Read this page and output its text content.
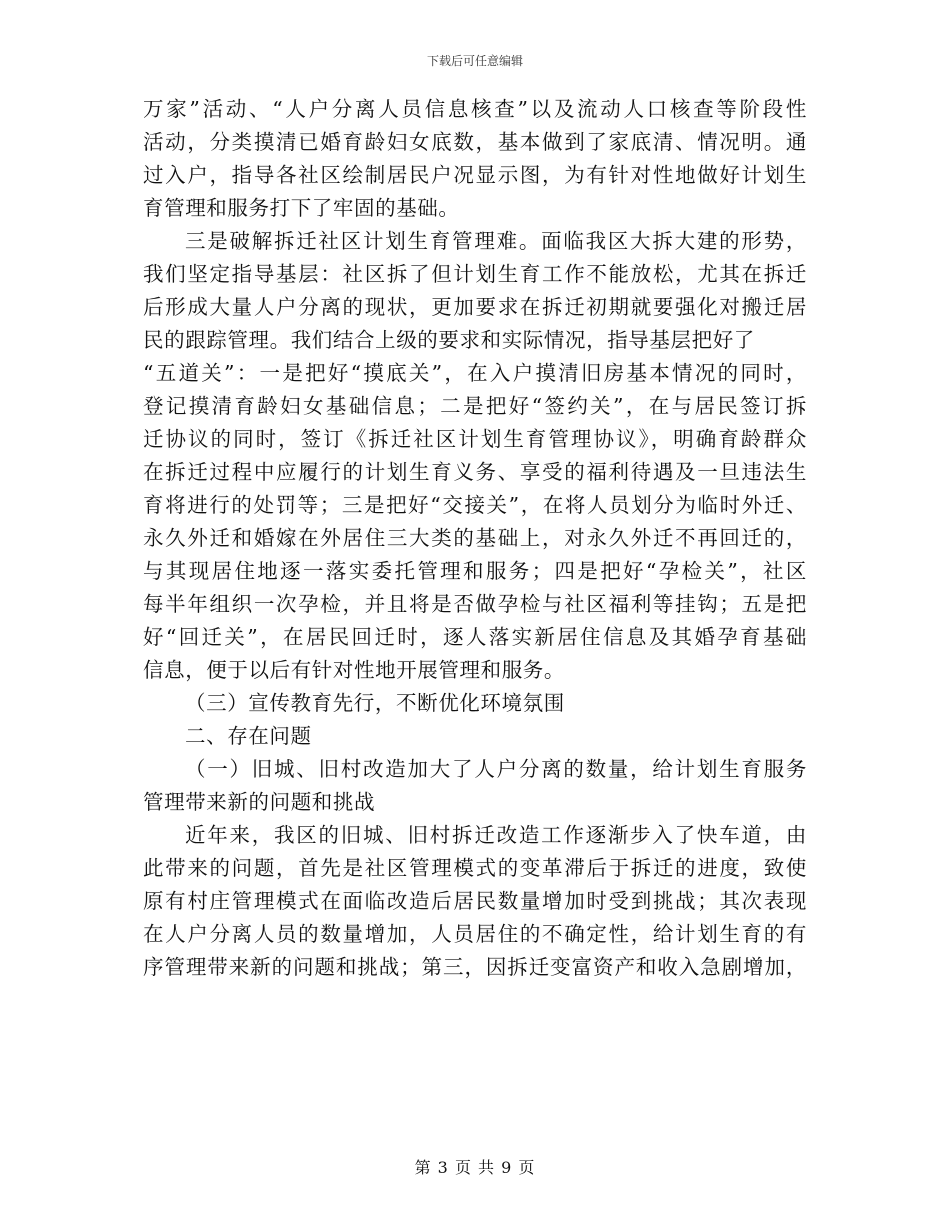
下载后可任意编辑
万家”活动、“人户分离人员信息核查”以及流动人口核查等阶段性
活动，分类摸清已婚育龄妇女底数，基本做到了家底清、情况明。通
过入户，指导各社区绘制居民户况显示图，为有针对性地做好计划生
育管理和服务打下了牢固的基础。
三是破解拆迁社区计划生育管理难。面临我区大拆大建的形势，
我们坚定指导基层：社区拆了但计划生育工作不能放松，尤其在拆迁
后形成大量人户分离的现状，更加要求在拆迁初期就要强化对搬迁居
民的跟踪管理。我们结合上级的要求和实际情况，指导基层把好了
“五道关”：一是把好“摸底关”，在入户摸清旧房基本情况的同时，
登记摸清育龄妇女基础信息；二是把好“签约关”，在与居民签订拆
迁协议的同时，签订《拆迁社区计划生育管理协议》，明确育龄群众
在拆迁过程中应履行的计划生育义务、享受的福利待遇及一旦违法生
育将进行的处罚等；三是把好“交接关”，在将人员划分为临时外迁、
永久外迁和婚嫁在外居住三大类的基础上，对永久外迁不再回迁的，
与其现居住地逐一落实委托管理和服务；四是把好“孕检关”，社区
每半年组织一次孕检，并且将是否做孕检与社区福利等挂钩；五是把
好“回迁关”，在居民回迁时，逐人落实新居住信息及其婚孕育基础
信息，便于以后有针对性地开展管理和服务。
（三）宣传教育先行，不断优化环境氛围
二、存在问题
（一）旧城、旧村改造加大了人户分离的数量，给计划生育服务
管理带来新的问题和挑战
近年来，我区的旧城、旧村拆迁改造工作逐渐步入了快车道，由
此带来的问题，首先是社区管理模式的变革滞后于拆迁的进度，致使
原有村庄管理模式在面临改造后居民数量增加时受到挑战；其次表现
在人户分离人员的数量增加，人员居住的不确定性，给计划生育的有
序管理带来新的问题和挑战；第三，因拆迁变富资产和收入急剧增加，
第 3 页 共 9 页
